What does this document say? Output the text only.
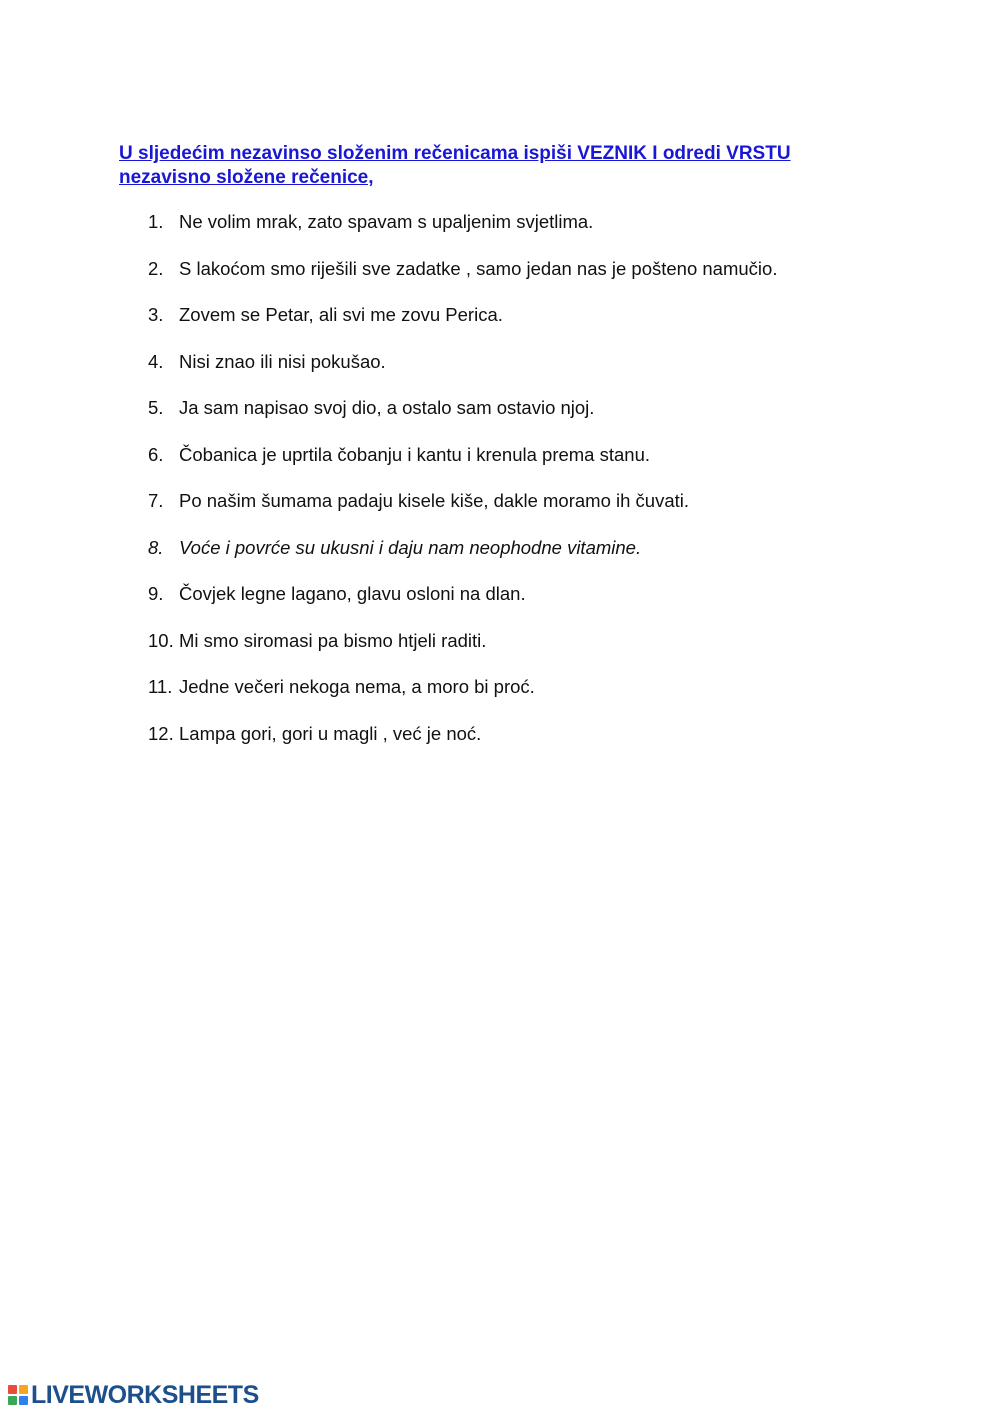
U sljedećim nezavinso složenim rečenicama ispiši VEZNIK I odredi VRSTU nezavisno složene rečenice,

1. Ne volim mrak, zato spavam s upaljenim svjetlima.
2. S lakoćom smo riješili sve zadatke , samo jedan nas je pošteno namučio.
3. Zovem se Petar, ali svi me zovu Perica.
4. Nisi znao ili nisi pokušao.
5. Ja sam napisao svoj dio, a ostalo sam ostavio njoj.
6. Čobanica je uprtila čobanju i kantu i krenula prema stanu.
7. Po našim šumama padaju kisele kiše, dakle moramo ih čuvati.
8. Voće i povrće su ukusni i daju nam neophodne vitamine.
9. Čovjek legne lagano, glavu osloni na dlan.
10. Mi smo siromasi pa bismo htjeli raditi.
11. Jedne večeri nekoga nema, a moro bi proć.
12. Lampa gori, gori u magli , već je noć.
LIVEWORKSHEETS
